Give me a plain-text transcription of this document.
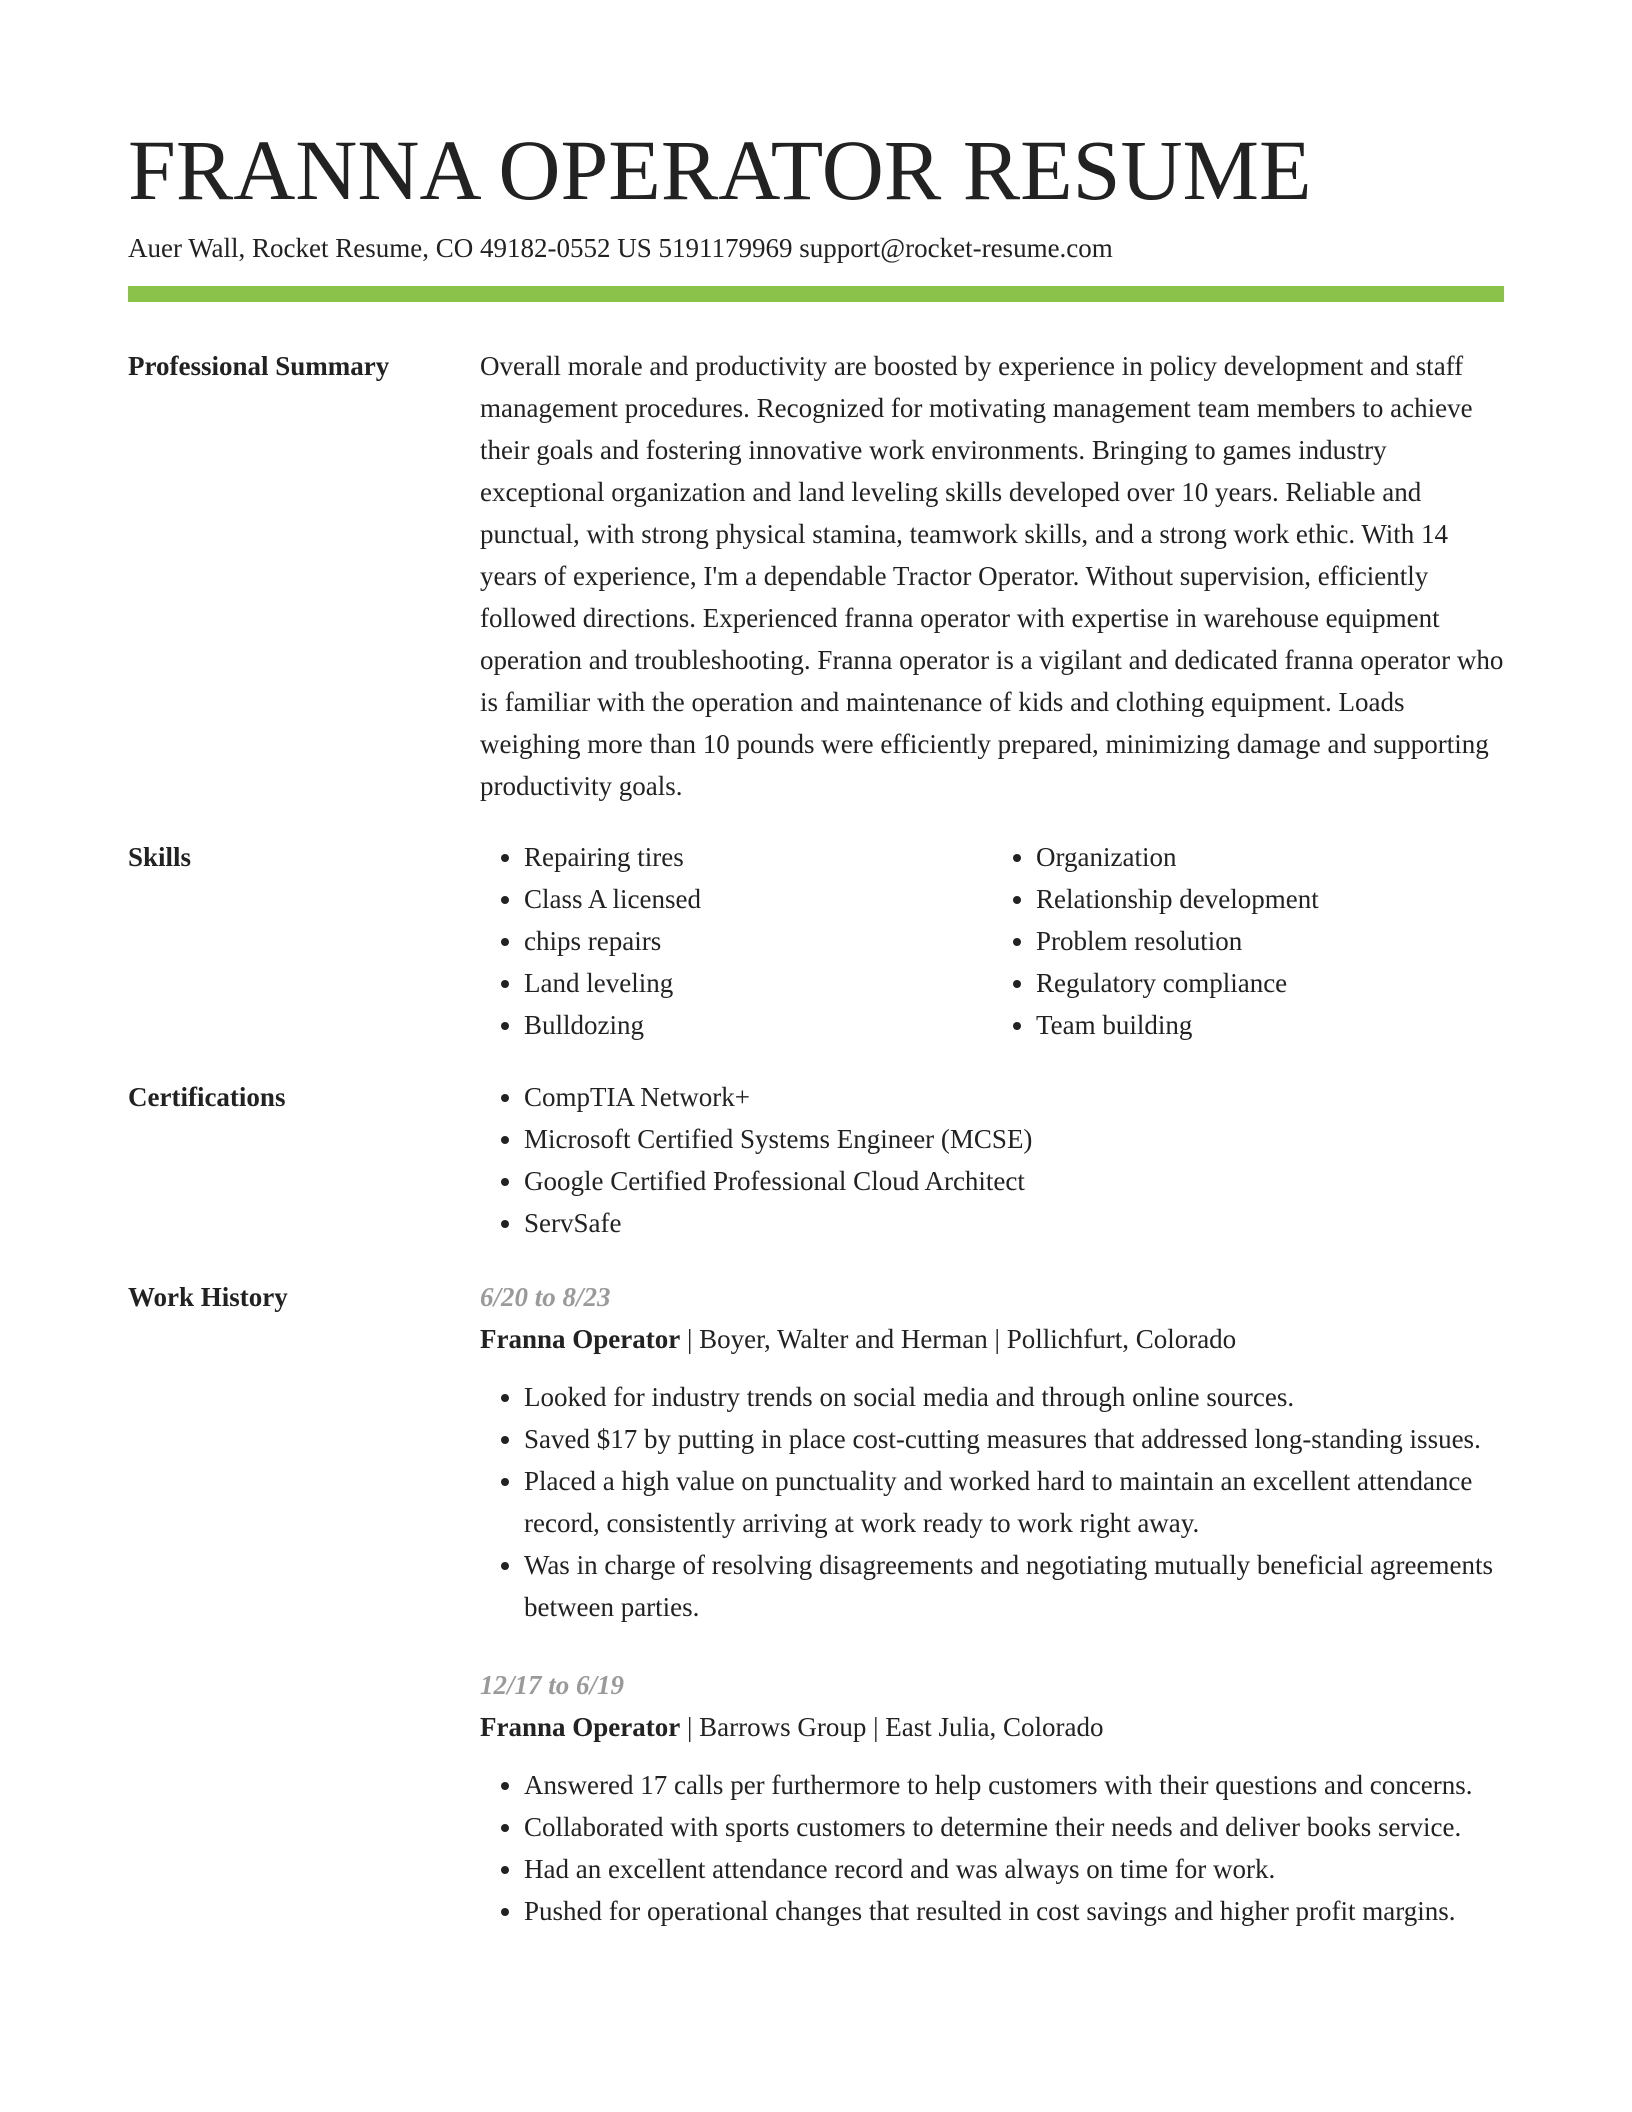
FRANNA OPERATOR RESUME
Auer Wall, Rocket Resume, CO 49182-0552 US 5191179969 support@rocket-resume.com
Professional Summary	Overall morale and productivity are boosted by experience in policy development and staff management procedures. Recognized for motivating management team members to achieve their goals and fostering innovative work environments. Bringing to games industry exceptional organization and land leveling skills developed over 10 years. Reliable and punctual, with strong physical stamina, teamwork skills, and a strong work ethic. With 14 years of experience, I'm a dependable Tractor Operator. Without supervision, efficiently followed directions. Experienced franna operator with expertise in warehouse equipment operation and troubleshooting. Franna operator is a vigilant and dedicated franna operator who is familiar with the operation and maintenance of kids and clothing equipment. Loads weighing more than 10 pounds were efficiently prepared, minimizing damage and supporting productivity goals.

Skills	• Repairing tires
• Class A licensed
• chips repairs
• Land leveling
• Bulldozing
• Organization
• Relationship development
• Problem resolution
• Regulatory compliance
• Team building
Certifications	• CompTIA Network+
• Microsoft Certified Systems Engineer (MCSE)
• Google Certified Professional Cloud Architect
• ServSafe
Work History	6/20 to 8/23
Franna Operator | Boyer, Walter and Herman | Pollichfurt, Colorado
• Looked for industry trends on social media and through online sources.
• Saved $17 by putting in place cost-cutting measures that addressed long-standing issues.
• Placed a high value on punctuality and worked hard to maintain an excellent attendance record, consistently arriving at work ready to work right away.
• Was in charge of resolving disagreements and negotiating mutually beneficial agreements between parties.
12/17 to 6/19
Franna Operator | Barrows Group | East Julia, Colorado
• Answered 17 calls per furthermore to help customers with their questions and concerns.
• Collaborated with sports customers to determine their needs and deliver books service.
• Had an excellent attendance record and was always on time for work.
• Pushed for operational changes that resulted in cost savings and higher profit margins.
